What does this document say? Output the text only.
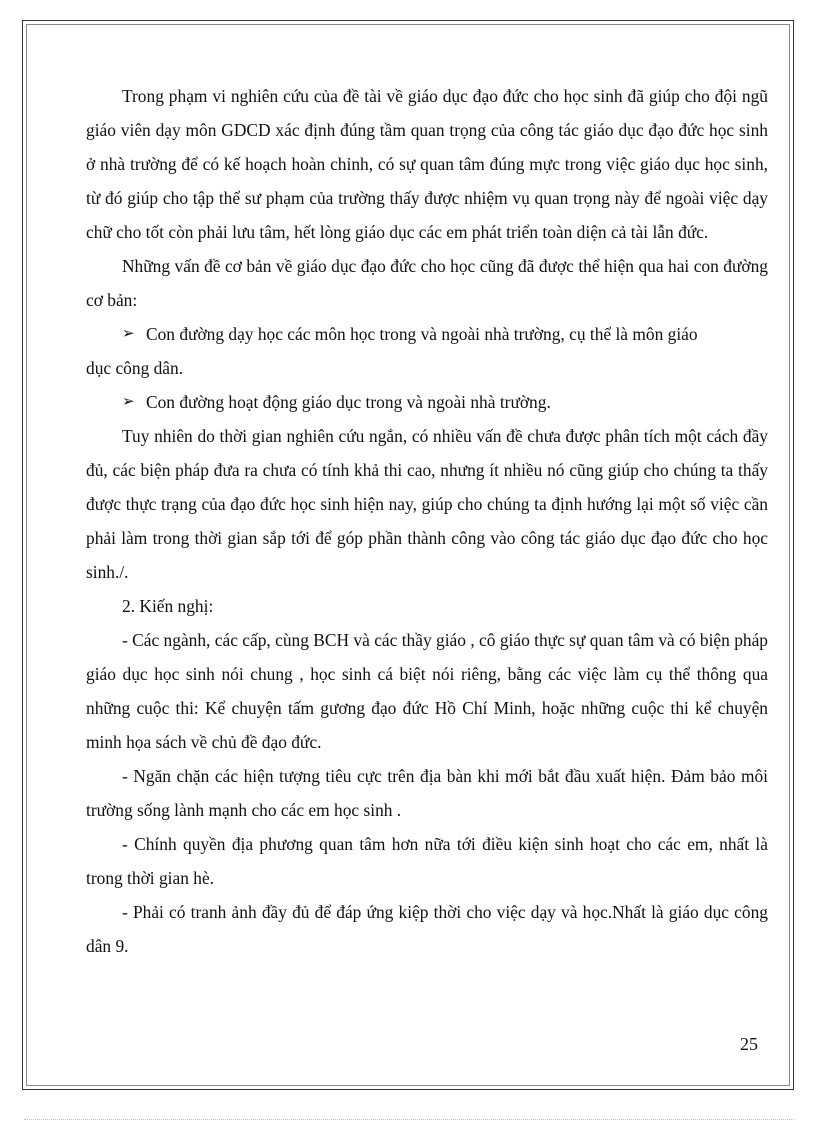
Trong phạm vi nghiên cứu của đề tài về giáo dục đạo đức cho học sinh đã giúp cho đội ngũ giáo viên dạy môn GDCD xác định đúng tầm quan trọng của công tác giáo dục đạo đức học sinh ở nhà trường để có kế hoạch hoàn chỉnh, có sự quan tâm đúng mực trong việc giáo dục học sinh, từ đó giúp cho tập thể sư phạm của trường thấy được nhiệm vụ quan trọng này để ngoài việc dạy chữ cho tốt còn phải lưu tâm, hết lòng giáo dục các em phát triển toàn diện cả tài lẫn đức.

Những vấn đề cơ bản về giáo dục đạo đức cho học cũng đã được thể hiện qua hai con đường cơ bản:

➢ Con đường dạy học các môn học trong và ngoài nhà trường, cụ thể là môn giáo
dục công dân.

➢ Con đường hoạt động giáo dục trong và ngoài nhà trường.

Tuy nhiên do thời gian nghiên cứu ngắn, có nhiều vấn đề chưa được phân tích một cách đầy đủ, các biện pháp đưa ra chưa có tính khả thi cao, nhưng ít nhiều nó cũng giúp cho chúng ta thấy được thực trạng của đạo đức học sinh hiện nay, giúp cho chúng ta định hướng lại một số việc cần phải làm trong thời gian sắp tới để góp phần thành công vào công tác giáo dục đạo đức cho học sinh./.

2. Kiến nghị:

- Các ngành, các cấp, cùng BCH và các thầy giáo , cô giáo thực sự quan tâm và có biện pháp giáo dục học sinh nói chung , học sinh cá biệt nói riêng, bằng các việc làm cụ thể thông qua những cuộc thi: Kể chuyện tấm gương đạo đức Hồ Chí Minh, hoặc những cuộc thi kể chuyện minh họa sách về chủ đề đạo đức.

- Ngăn chặn các hiện tượng tiêu cực trên địa bàn khi mới bắt đầu xuất hiện. Đảm bảo môi trường sống lành mạnh cho các em học sinh .

- Chính quyền địa phương quan tâm hơn nữa tới điều kiện sinh hoạt cho các em, nhất là trong thời gian hè.

- Phải có tranh ảnh đầy đủ để đáp ứng kiệp thời cho việc dạy và học.Nhất là giáo dục công dân 9.

25
